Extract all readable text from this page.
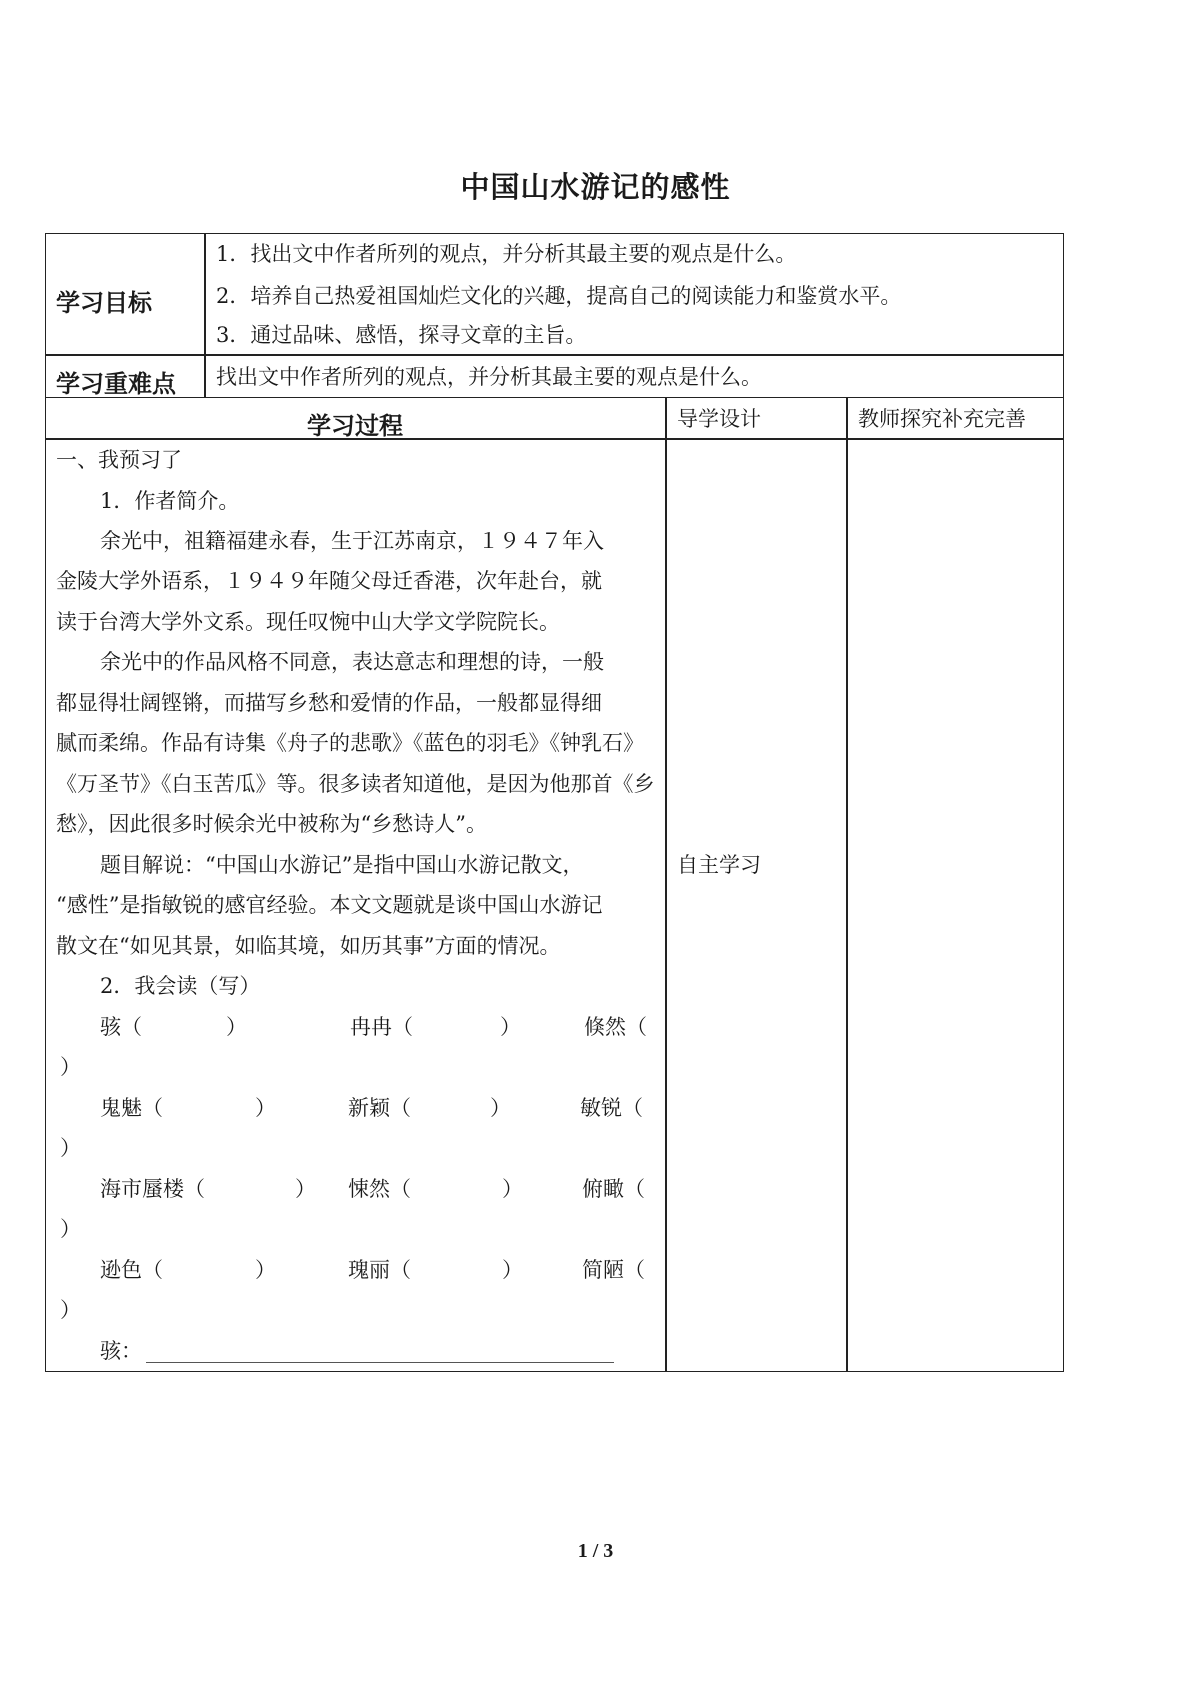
中国山水游记的感性
学习目标
1．找出文中作者所列的观点，并分析其最主要的观点是什么。
2．培养自己热爱祖国灿烂文化的兴趣，提高自己的阅读能力和鉴赏水平。
3．通过品味、感悟，探寻文章的主旨。
学习重难点 找出文中作者所列的观点，并分析其最主要的观点是什么。
学习过程	导学设计	教师探究补充完善
一、我预习了
1．作者简介。
余光中，祖籍福建永春，生于江苏南京，１９４７年入
金陵大学外语系，１９４９年随父母迁香港，次年赴台，就
读于台湾大学外文系。现任叹惋中山大学文学院院长。
余光中的作品风格不同意，表达意志和理想的诗，一般
都显得壮阔铿锵，而描写乡愁和爱情的作品，一般都显得细
腻而柔绵。作品有诗集《舟子的悲歌》《蓝色的羽毛》《钟乳石》
《万圣节》《白玉苦瓜》等。很多读者知道他，是因为他那首《乡
愁》，因此很多时候余光中被称为“乡愁诗人”。
题目解说：“中国山水游记”是指中国山水游记散文，
“感性”是指敏锐的感官经验。本文文题就是谈中国山水游记
散文在“如见其景，如临其境，如历其事”方面的情况。
2．我会读（写）
骇（	）	冉冉（	）	倏然（
）
鬼魅（	）	新颖（	）	敏锐（
）
海市蜃楼（	） 悚然（	）	俯瞰（
）
逊色（	）	瑰丽（	）	简陋（
）
骇：
自主学习
1 / 3
